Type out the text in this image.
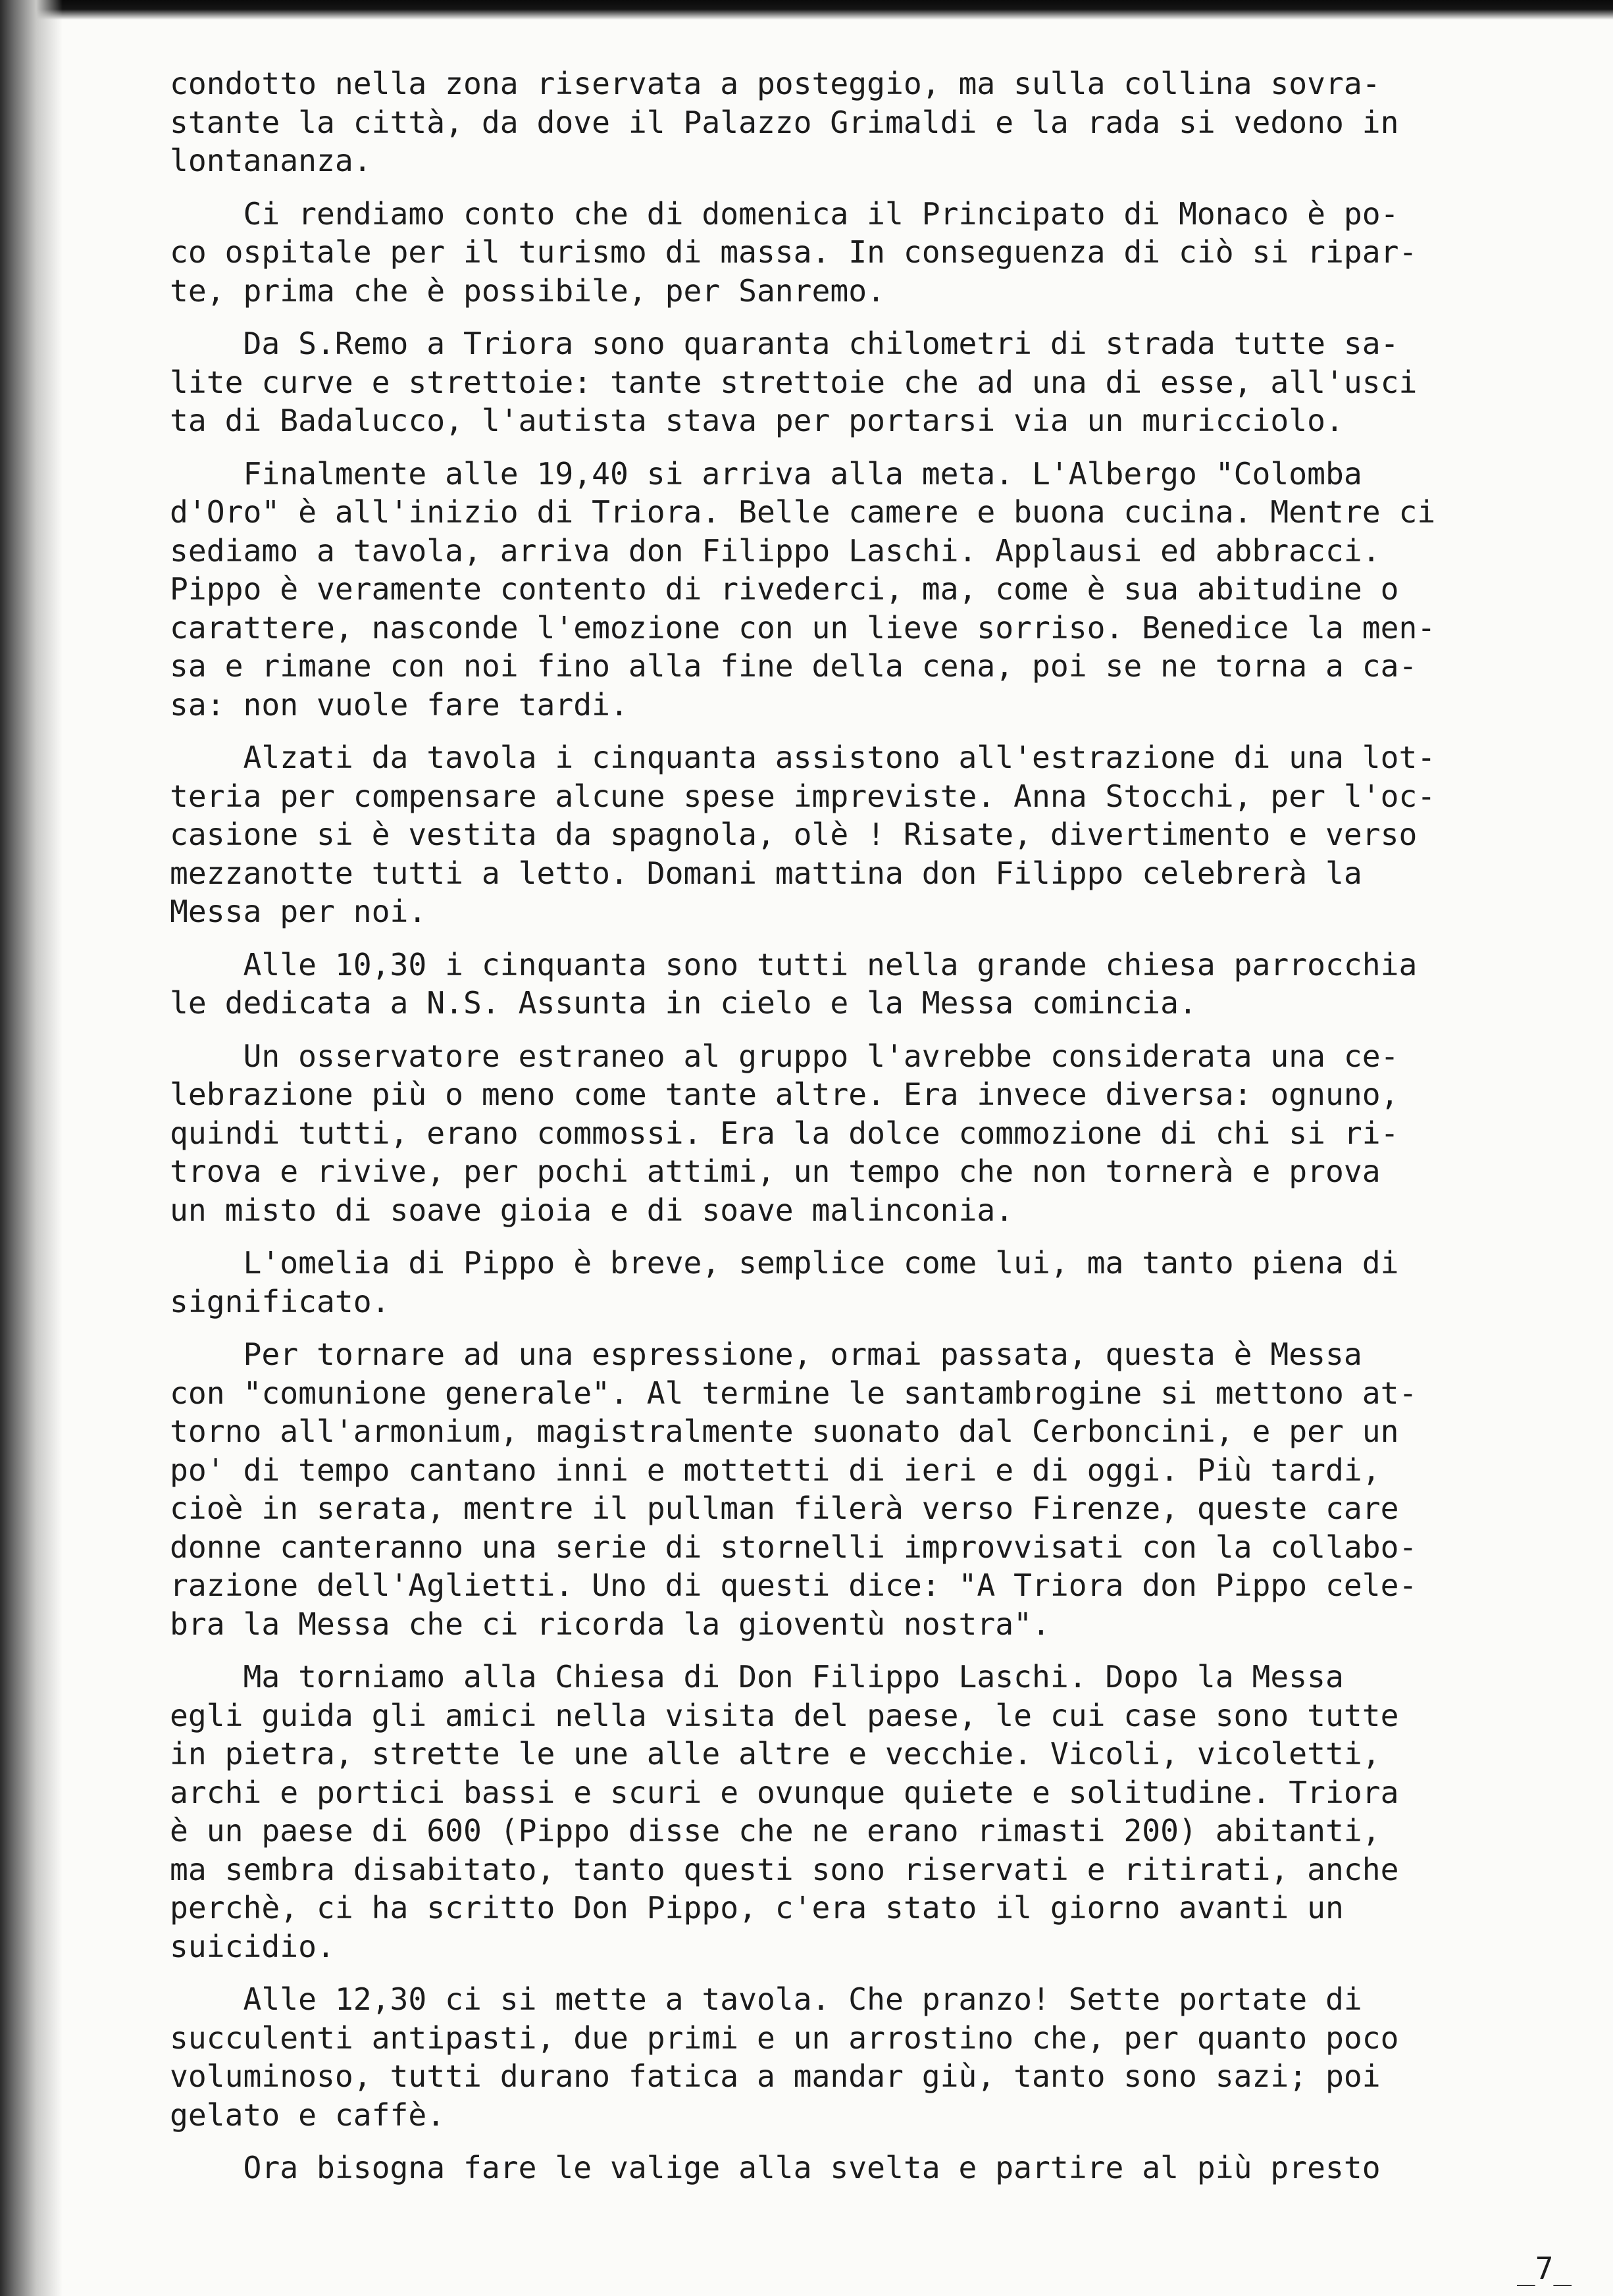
condotto nella zona riservata a posteggio, ma sulla collina sovra-
stante la città, da dove il Palazzo Grimaldi e la rada si vedono in
lontananza.
Ci rendiamo conto che di domenica il Principato di Monaco è po-
co ospitale per il turismo di massa. In conseguenza di ciò si ripar-
te, prima che è possibile, per Sanremo.
Da S.Remo a Triora sono quaranta chilometri di strada tutte sa-
lite curve e strettoie: tante strettoie che ad una di esse, all'usci
ta di Badalucco, l'autista stava per portarsi via un muricciolo.
Finalmente alle 19,40 si arriva alla meta. L'Albergo "Colomba
d'Oro" è all'inizio di Triora. Belle camere e buona cucina. Mentre ci
sediamo a tavola, arriva don Filippo Laschi. Applausi ed abbracci.
Pippo è veramente contento di rivederci, ma, come è sua abitudine o
carattere, nasconde l'emozione con un lieve sorriso. Benedice la men-
sa e rimane con noi fino alla fine della cena, poi se ne torna a ca-
sa: non vuole fare tardi.
Alzati da tavola i cinquanta assistono all'estrazione di una lot-
teria per compensare alcune spese impreviste. Anna Stocchi, per l'oc-
casione si è vestita da spagnola, olè ! Risate, divertimento e verso
mezzanotte tutti a letto. Domani mattina don Filippo celebrerà la
Messa per noi.
Alle 10,30 i cinquanta sono tutti nella grande chiesa parrocchia
le dedicata a N.S. Assunta in cielo e la Messa comincia.
Un osservatore estraneo al gruppo l'avrebbe considerata una ce-
lebrazione più o meno come tante altre. Era invece diversa: ognuno,
quindi tutti, erano commossi. Era la dolce commozione di chi si ri-
trova e rivive, per pochi attimi, un tempo che non tornerà e prova
un misto di soave gioia e di soave malinconia.
L'omelia di Pippo è breve, semplice come lui, ma tanto piena di
significato.
Per tornare ad una espressione, ormai passata, questa è Messa
con "comunione generale". Al termine le santambrogine si mettono at-
torno all'armonium, magistralmente suonato dal Cerboncini, e per un
po' di tempo cantano inni e mottetti di ieri e di oggi. Più tardi,
cioè in serata, mentre il pullman filerà verso Firenze, queste care
donne canteranno una serie di stornelli improvvisati con la collabo-
razione dell'Aglietti. Uno di questi dice: "A Triora don Pippo cele-
bra la Messa che ci ricorda la gioventù nostra".
Ma torniamo alla Chiesa di Don Filippo Laschi. Dopo la Messa
egli guida gli amici nella visita del paese, le cui case sono tutte
in pietra, strette le une alle altre e vecchie. Vicoli, vicoletti,
archi e portici bassi e scuri e ovunque quiete e solitudine. Triora
è un paese di 600 (Pippo disse che ne erano rimasti 200) abitanti,
ma sembra disabitato, tanto questi sono riservati e ritirati, anche
perchè, ci ha scritto Don Pippo, c'era stato il giorno avanti un
suicidio.
Alle 12,30 ci si mette a tavola. Che pranzo! Sette portate di
succulenti antipasti, due primi e un arrostino che, per quanto poco
voluminoso, tutti durano fatica a mandar giù, tanto sono sazi; poi
gelato e caffè.
Ora bisogna fare le valige alla svelta e partire al più presto
_7_
